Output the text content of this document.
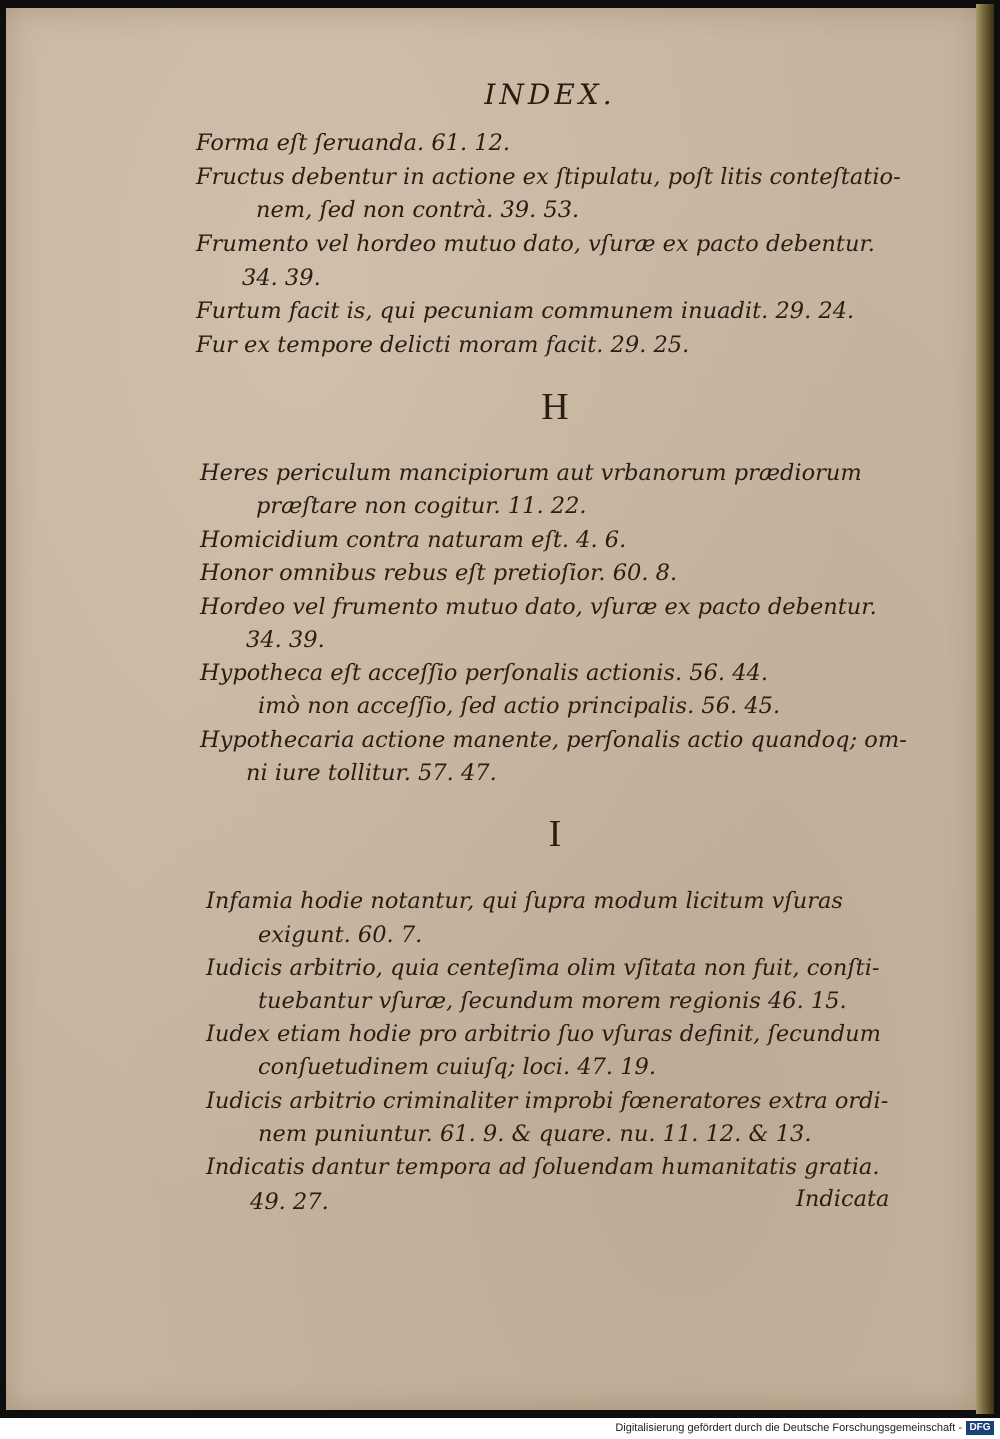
INDEX.
Forma eſt ſeruanda. 61. 12.
Fructus debentur in actione ex ſtipulatu, poſt litis conteſtatio-
nem, ſed non contrà. 39. 53.
Frumento vel hordeo mutuo dato, vſuræ ex pacto debentur.
34. 39.
Furtum facit is, qui pecuniam communem inuadit. 29. 24.
Fur ex tempore delicti moram facit. 29. 25.
H
Heres periculum mancipiorum aut vrbanorum prædiorum
præſtare non cogitur. 11. 22.
Homicidium contra naturam eſt. 4. 6.
Honor omnibus rebus eſt pretioſior. 60. 8.
Hordeo vel frumento mutuo dato, vſuræ ex pacto debentur.
34. 39.
Hypotheca eſt acceſſio perſonalis actionis. 56. 44.
imò non acceſſio, ſed actio principalis. 56. 45.
Hypothecaria actione manente, perſonalis actio quandoq; om-
ni iure tollitur. 57. 47.
I
Infamia hodie notantur, qui ſupra modum licitum vſuras
exigunt. 60. 7.
Iudicis arbitrio, quia centeſima olim vſitata non fuit, conſti-
tuebantur vſuræ, ſecundum morem regionis 46. 15.
Iudex etiam hodie pro arbitrio ſuo vſuras definit, ſecundum
conſuetudinem cuiuſq; loci. 47. 19.
Iudicis arbitrio criminaliter improbi fœneratores extra ordi-
nem puniuntur. 61. 9. & quare. nu. 11. 12. & 13.
Indicatis dantur tempora ad ſoluendam humanitatis gratia.
49. 27.	Indicata
Digitalisierung gefördert durch die Deutsche Forschungsgemeinschaft - DFG
